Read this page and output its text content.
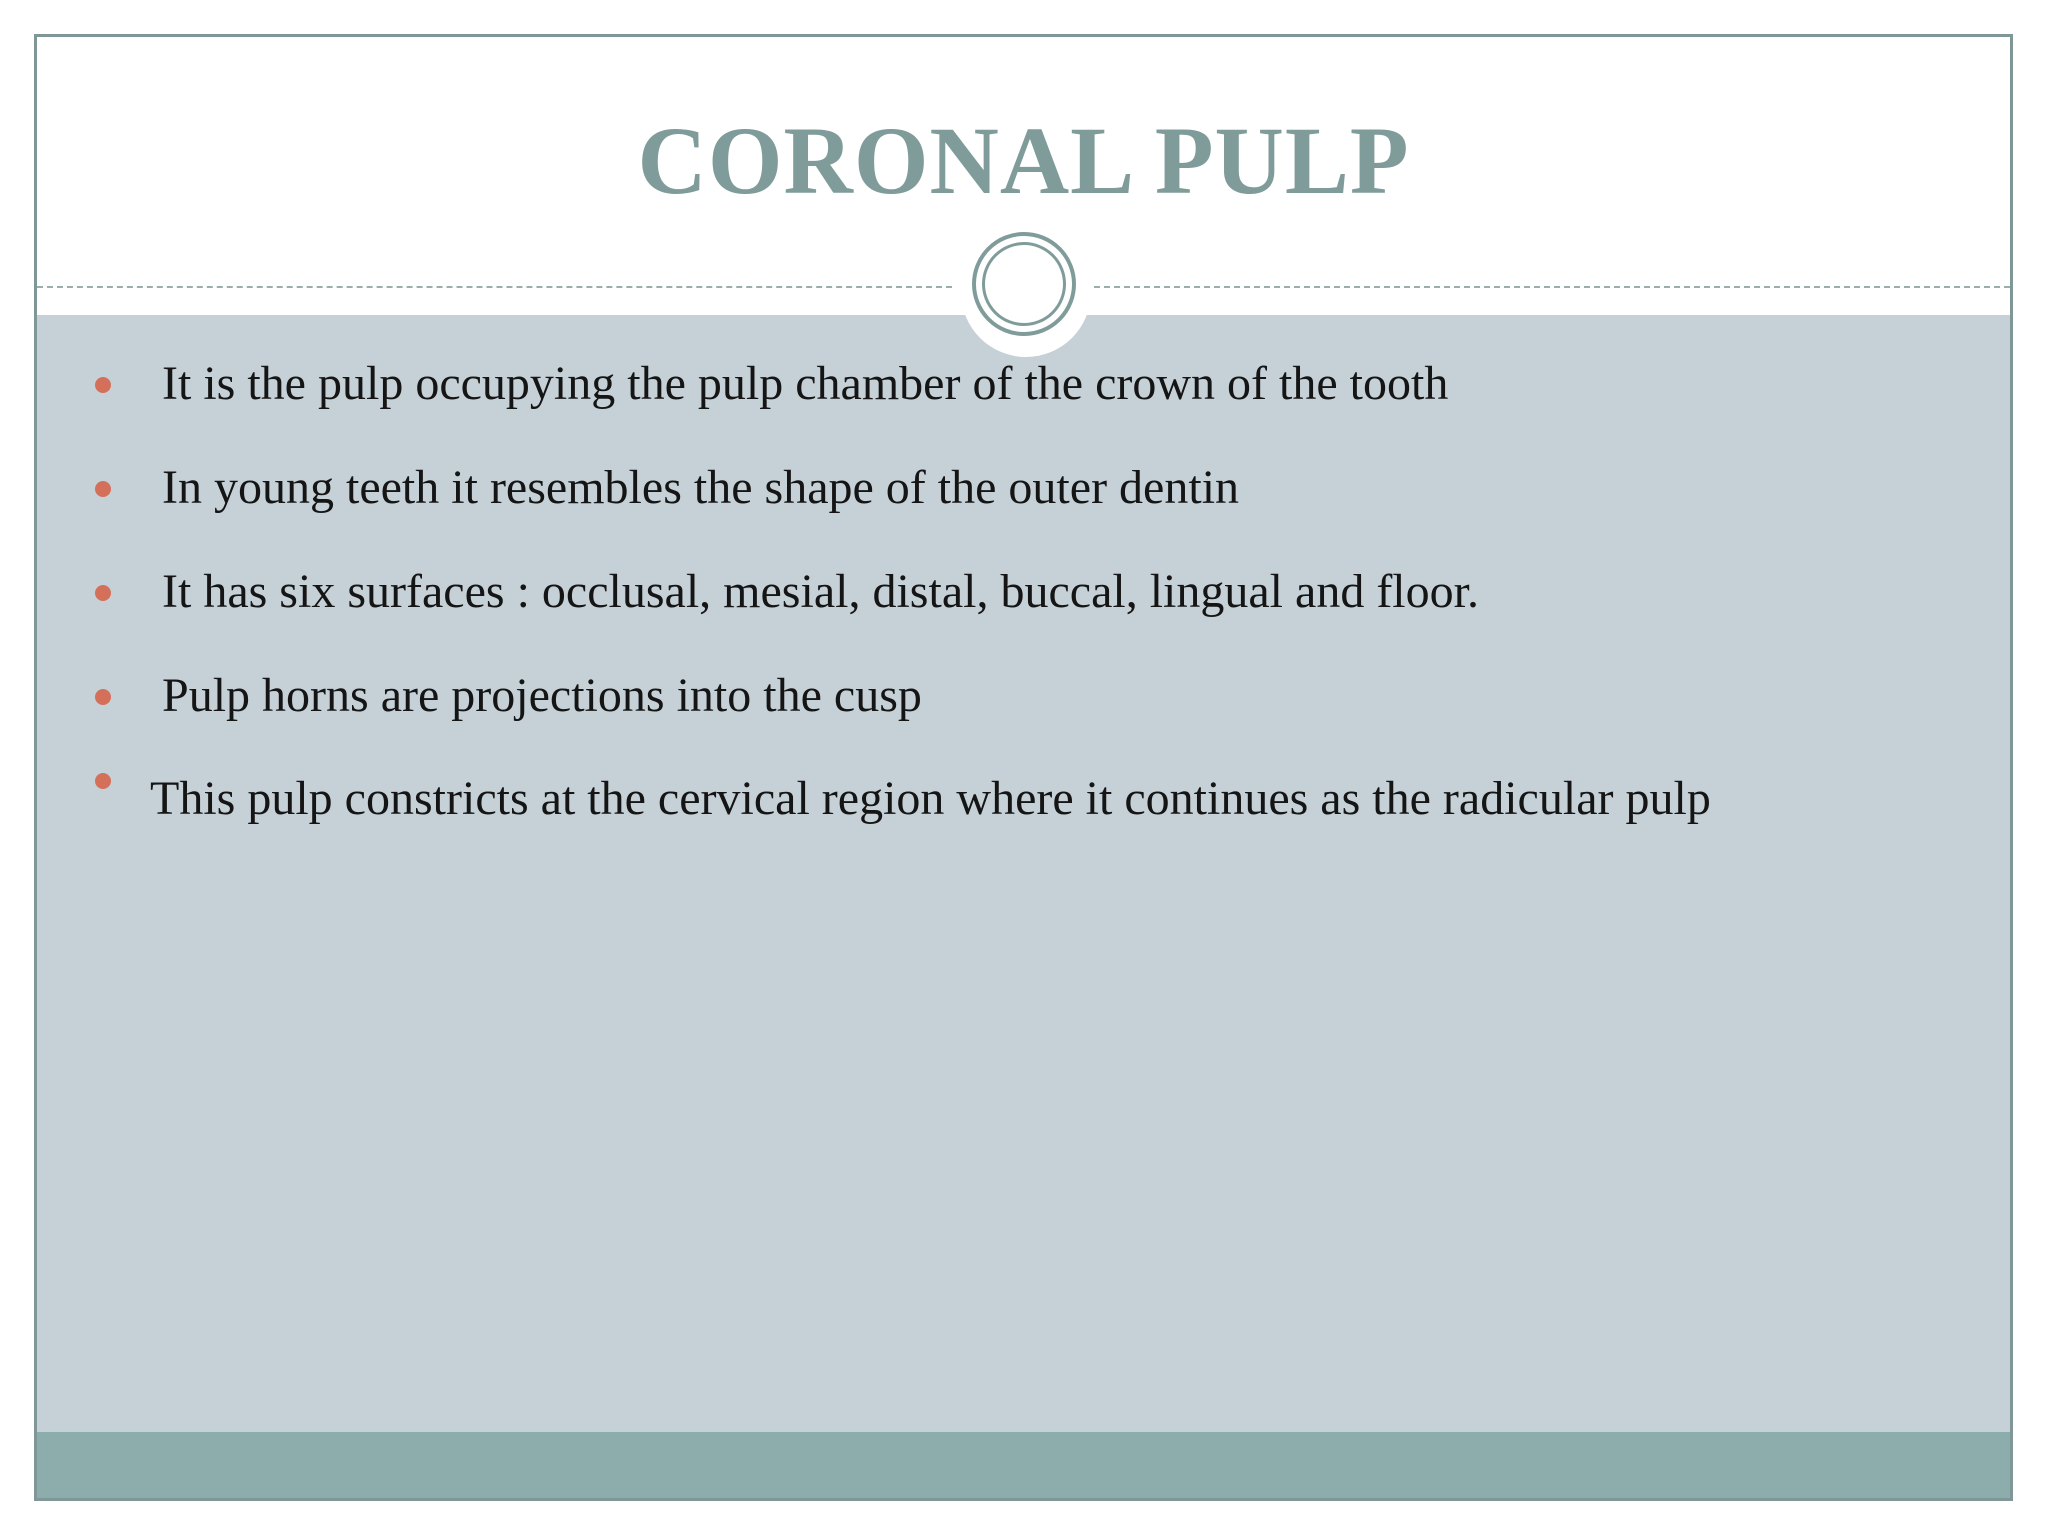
CORONAL PULP
It is the pulp occupying the pulp chamber of the crown of the tooth
In young teeth it resembles the shape of the outer dentin
It has six surfaces : occlusal, mesial, distal, buccal, lingual and floor.
Pulp horns are projections into the cusp
This pulp constricts at the cervical region where it continues as the radicular pulp
